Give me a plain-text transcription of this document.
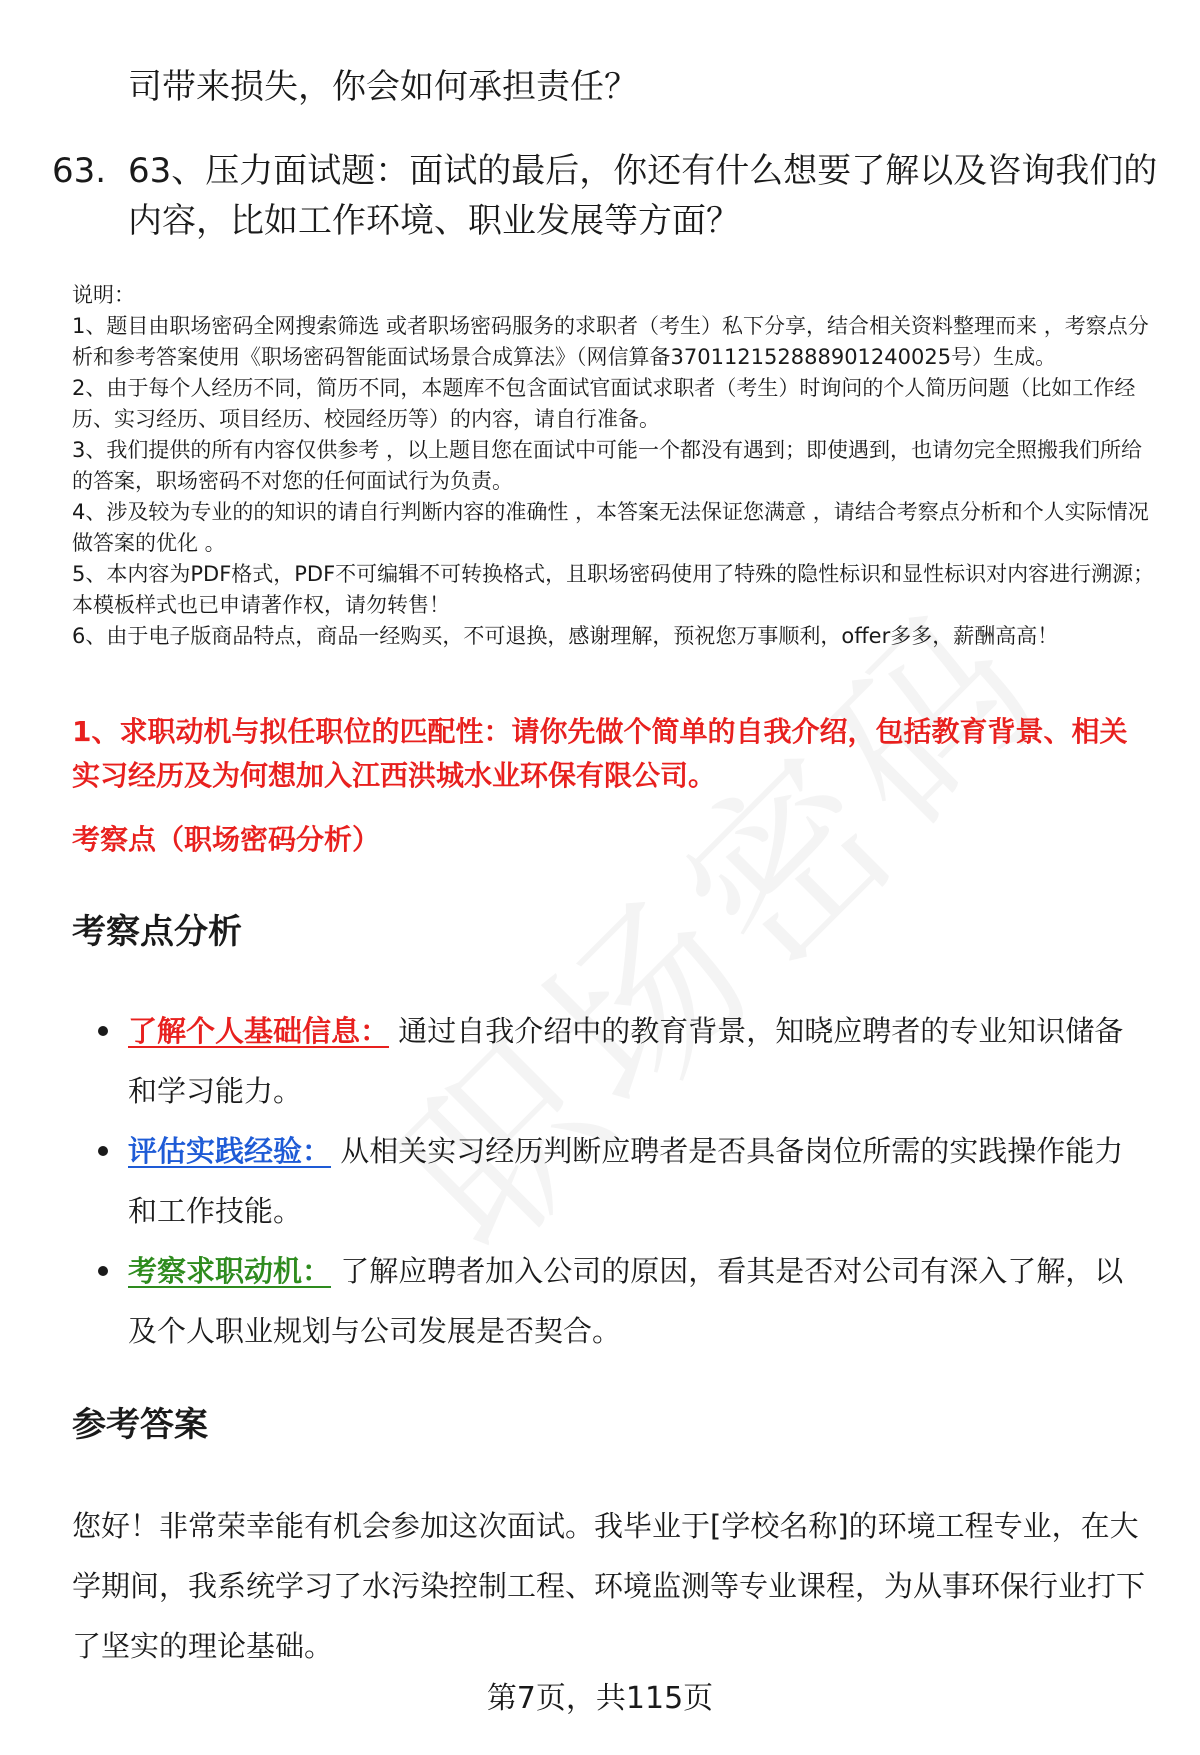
司带来损失，你会如何承担责任？
63. 63、压力面试题：面试的最后，你还有什么想要了解以及咨询我们的内容，比如工作环境、职业发展等方面？

说明：

1、题目由职场密码全网搜索筛选 或者职场密码服务的求职者（考生）私下分享，结合相关资料整理而来 ，考察点分析和参考答案使用《职场密码智能面试场景合成算法》（网信算备370112152888901240025号）生成。

2、由于每个人经历不同，简历不同，本题库不包含面试官面试求职者（考生）时询问的个人简历问题（比如工作经历、实习经历、项目经历、校园经历等）的内容，请自行准备。

3、我们提供的所有内容仅供参考 ，以上题目您在面试中可能一个都没有遇到；即使遇到，也请勿完全照搬我们所给的答案，职场密码不对您的任何面试行为负责。

4、涉及较为专业的的知识的请自行判断内容的准确性 ，本答案无法保证您满意 ，请结合考察点分析和个人实际情况做答案的优化 。

5、本内容为PDF格式，PDF不可编辑不可转换格式，且职场密码使用了特殊的隐性标识和显性标识对内容进行溯源；本模板样式也已申请著作权，请勿转售！

6、由于电子版商品特点，商品一经购买，不可退换，感谢理解，预祝您万事顺利，offer多多，薪酬高高！

1、求职动机与拟任职位的匹配性：请你先做个简单的自我介绍，包括教育背景、相关实习经历及为何想加入江西洪城水业环保有限公司。

考察点（职场密码分析）

考察点分析
了解个人基础信息： 通过自我介绍中的教育背景，知晓应聘者的专业知识储备和学习能力。
评估实践经验： 从相关实习经历判断应聘者是否具备岗位所需的实践操作能力和工作技能。
考察求职动机： 了解应聘者加入公司的原因，看其是否对公司有深入了解，以及个人职业规划与公司发展是否契合。
参考答案

您好！非常荣幸能有机会参加这次面试。我毕业于[学校名称]的环境工程专业，在大学期间，我系统学习了水污染控制工程、环境监测等专业课程，为从事环保行业打下了坚实的理论基础。

第7页，共115页
